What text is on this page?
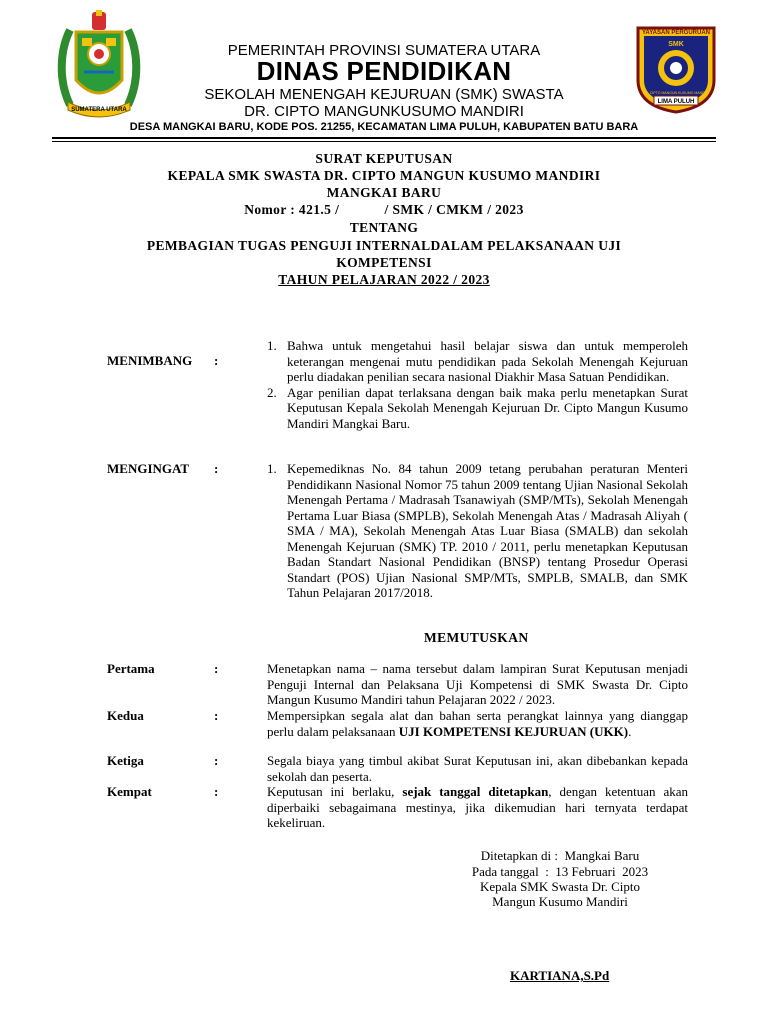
SUMATERA UTARA
YAYASAN PERGURUAN
SMK
DR. CIPTO MANGUN KUSUMO MANDIRI
LIMA PULUH
PEMERINTAH PROVINSI SUMATERA UTARA
DINAS PENDIDIKAN
SEKOLAH MENENGAH KEJURUAN (SMK) SWASTA
DR. CIPTO MANGUNKUSUMO MANDIRI
DESA MANGKAI BARU, KODE POS. 21255, KECAMATAN LIMA PULUH, KABUPATEN BATU BARA
SURAT KEPUTUSAN
KEPALA SMK SWASTA DR. CIPTO MANGUN KUSUMO MANDIRI
MANGKAI BARU
Nomor : 421.5 /            / SMK / CMKM / 2023
TENTANG
PEMBAGIAN TUGAS PENGUJI INTERNALDALAM PELAKSANAAN UJI
KOMPETENSI
TAHUN PELAJARAN 2022 / 2023
MENIMBANG :
1. Bahwa untuk mengetahui hasil belajar siswa dan untuk memperoleh keterangan mengenai mutu pendidikan pada Sekolah Menengah Kejuruan perlu diadakan penilian secara nasional Diakhir Masa Satuan Pendidikan.
2. Agar penilian dapat terlaksana dengan baik maka perlu menetapkan Surat Keputusan Kepala Sekolah Menengah Kejuruan Dr. Cipto Mangun Kusumo Mandiri Mangkai Baru.
MENGINGAT :	1. Kepemediknas No. 84 tahun 2009 tetang perubahan peraturan Menteri Pendidikann Nasional Nomor 75 tahun 2009 tentang Ujian Nasional Sekolah Menengah Pertama / Madrasah Tsanawiyah (SMP/MTs), Sekolah Menengah Pertama Luar Biasa (SMPLB), Sekolah Menengah Atas / Madrasah Aliyah ( SMA / MA), Sekolah Menengah Atas Luar Biasa (SMALB) dan sekolah Menengah Kejuruan (SMK) TP. 2010 / 2011, perlu menetapkan Keputusan Badan Standart Nasional Pendidikan (BNSP) tentang Prosedur Operasi Standart (POS) Ujian Nasional SMP/MTs, SMPLB, SMALB, dan SMK Tahun Pelajaran 2017/2018.
MEMUTUSKAN
Pertama	:	Menetapkan nama – nama tersebut dalam lampiran Surat Keputusan menjadi Penguji Internal dan Pelaksana Uji Kompetensi di SMK Swasta Dr. Cipto Mangun Kusumo Mandiri tahun Pelajaran 2022 / 2023.
Kedua	:	Mempersipkan segala alat dan bahan serta perangkat lainnya yang dianggap perlu dalam pelaksanaan UJI KOMPETENSI KEJURUAN (UKK).
Ketiga	:	Segala biaya yang timbul akibat Surat Keputusan ini, akan dibebankan kepada sekolah dan peserta.
Kempat	:	Keputusan ini berlaku, sejak tanggal ditetapkan, dengan ketentuan akan diperbaiki sebagaimana mestinya, jika dikemudian hari ternyata terdapat kekeliruan.
Ditetapkan di :  Mangkai Baru
Pada tanggal  :  13 Februari  2023
Kepala SMK Swasta Dr. Cipto
Mangun Kusumo Mandiri
KARTIANA,S.Pd
